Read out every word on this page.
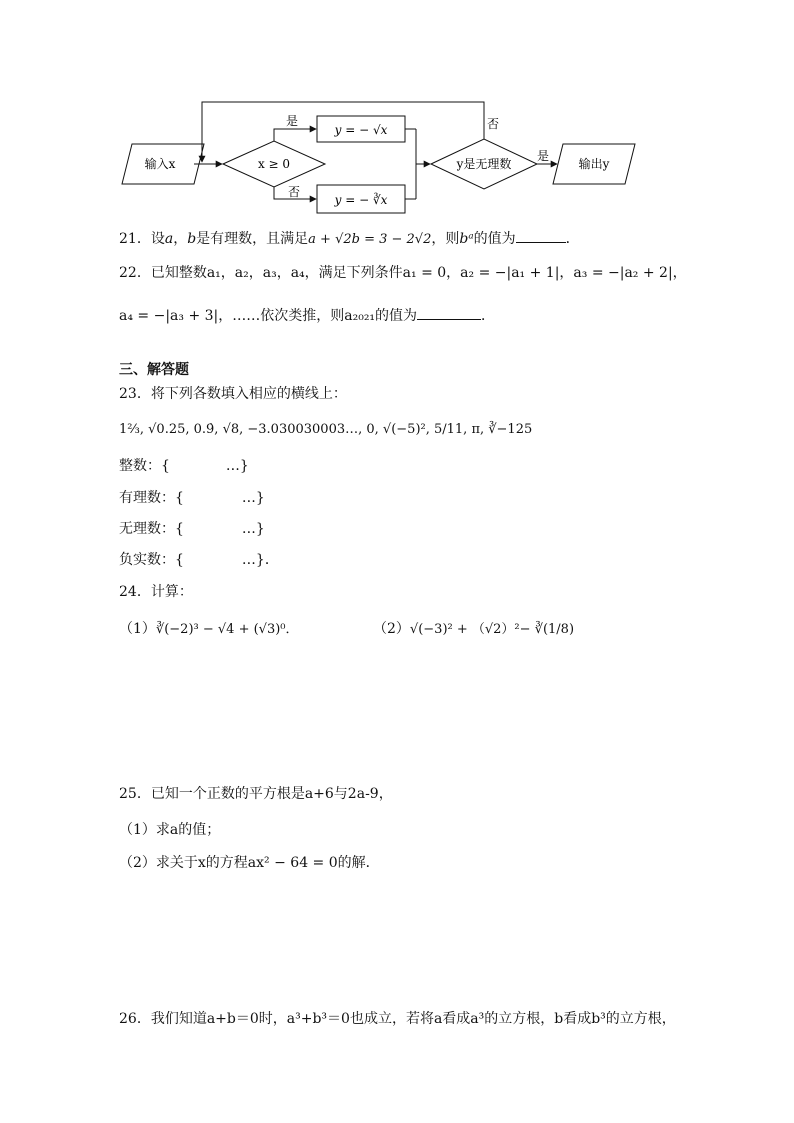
输入x	x ≥ 0
是
y = − √x
否
y = − ∛x
y是无理数
否
是
输出y
21．设a，b是有理数，且满足a + √2b = 3 − 2√2，则bᵃ的值为	．
22．已知整数a₁，a₂，a₃，a₄，满足下列条件a₁ = 0，a₂ = −|a₁ + 1|，a₃ = −|a₂ + 2|，
a₄ = −|a₃ + 3|，……依次类推，则a₂₀₂₁的值为	．
三、解答题
23．将下列各数填入相应的横线上：
1⅔, √0.25, 0.9̇, √8, −3.030030003…, 0, √(−5)², 5/11, π, ∛−125
整数：{	…}
有理数：{	…}
无理数：{	…}
负实数：{	…}．
24．计算：
（1）∛(−2)³ − √4 + (√3)⁰．	（2）√(−3)² + （√2）²− ∛(1/8)
25．已知一个正数的平方根是a+6与2a-9，
（1）求a的值；
（2）求关于x的方程ax² − 64 = 0的解．
26．我们知道a+b＝0时，a³+b³＝0也成立，若将a看成a³的立方根，b看成b³的立方根，
